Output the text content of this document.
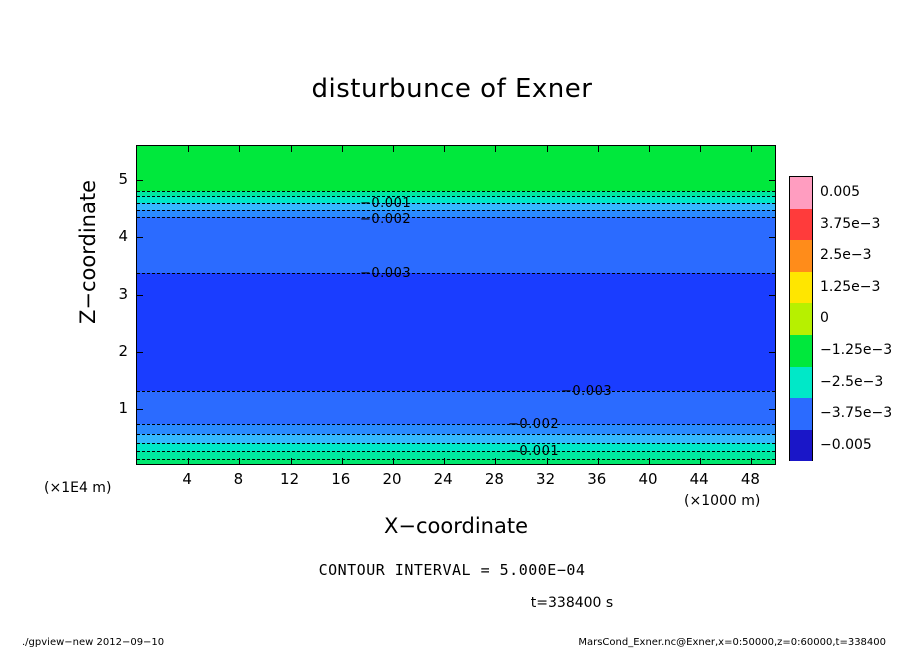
disturbunce of Exner
−0.001
−0.002
−0.003
−0.003
−0.002
−0.001
4	8 12 16 20 24 28 32 36 40 44 48
1
2
3
4
5
(×1E4 m)
(×1000 m)
X−coordinate
Z−coordinate
CONTOUR INTERVAL = 5.000E−04
t=338400 s
0.005
3.75e−3
2.5e−3
1.25e−3
0
−1.25e−3
−2.5e−3
−3.75e−3
−0.005
./gpview−new 2012−09−10	MarsCond_Exner.nc@Exner,x=0:50000,z=0:60000,t=338400
